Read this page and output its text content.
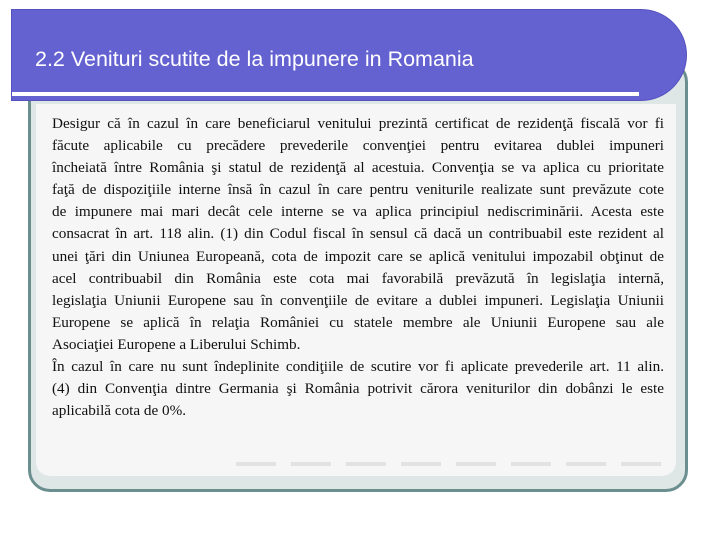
2.2 Venituri scutite de la impunere in Romania
Desigur că în cazul în care beneficiarul venitului prezintă certificat de rezidenţă fiscală vor fi
făcute aplicabile cu precădere prevederile convenţiei pentru evitarea dublei impuneri
încheiată între România şi statul de rezidenţă al acestuia. Convenţia se va aplica cu prioritate
faţă de dispoziţiile interne însă în cazul în care pentru veniturile realizate sunt prevăzute cote
de impunere mai mari decât cele interne se va aplica principiul nediscriminării. Acesta este
consacrat în art. 118 alin. (1) din Codul fiscal în sensul că dacă un contribuabil este rezident al
unei ţări din Uniunea Europeană, cota de impozit care se aplică venitului impozabil obţinut de
acel contribuabil din România este cota mai favorabilă prevăzută în legislaţia internă,
legislaţia Uniunii Europene sau în convenţiile de evitare a dublei impuneri. Legislaţia Uniunii
Europene se aplică în relaţia României cu statele membre ale Uniunii Europene sau ale
Asociaţiei Europene a Liberului Schimb.
În cazul în care nu sunt îndeplinite condiţiile de scutire vor fi aplicate prevederile art. 11 alin.
(4) din Convenţia dintre Germania şi România potrivit cărora veniturilor din dobânzi le este
aplicabilă cota de 0%.
